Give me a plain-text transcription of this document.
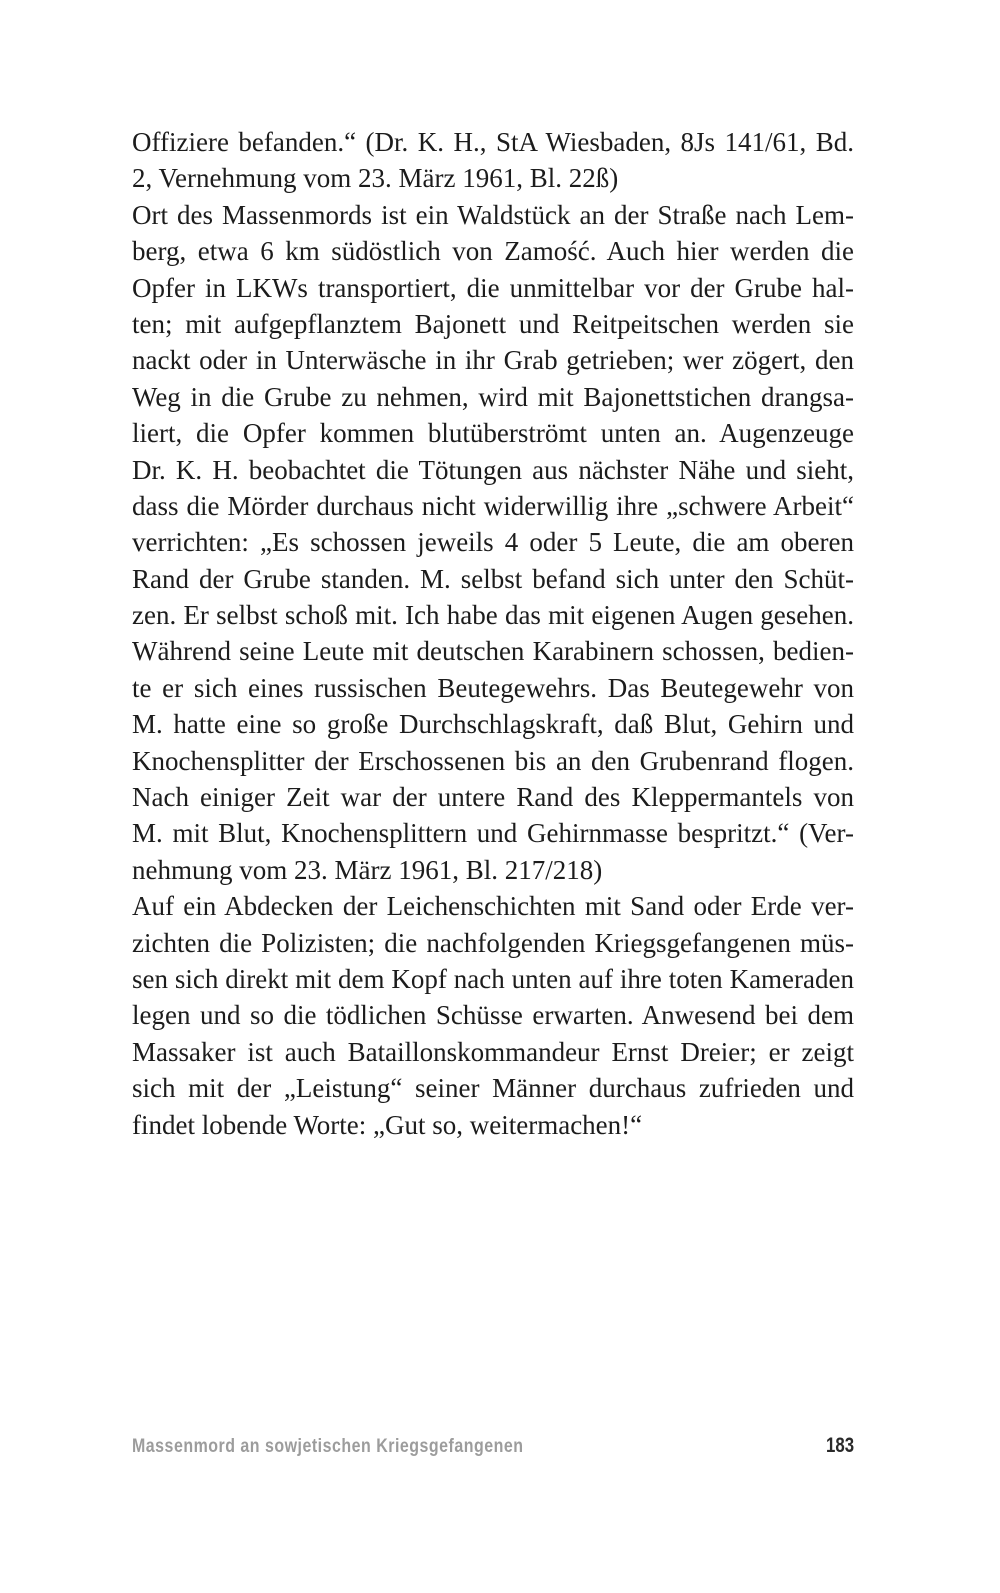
Offiziere befanden.“ (Dr. K. H., StA Wiesbaden, 8Js 141/61, Bd.
2, Vernehmung vom 23. März 1961, Bl. 22ß)
Ort des Massenmords ist ein Waldstück an der Straße nach Lem-
berg, etwa 6 km südöstlich von Zamość. Auch hier werden die
Opfer in LKWs transportiert, die unmittelbar vor der Grube hal-
ten; mit aufgepflanztem Bajonett und Reitpeitschen werden sie
nackt oder in Unterwäsche in ihr Grab getrieben; wer zögert, den
Weg in die Grube zu nehmen, wird mit Bajonettstichen drangsa-
liert, die Opfer kommen blutüberströmt unten an. Augenzeuge
Dr. K. H. beobachtet die Tötungen aus nächster Nähe und sieht,
dass die Mörder durchaus nicht widerwillig ihre „schwere Arbeit“
verrichten: „Es schossen jeweils 4 oder 5 Leute, die am oberen
Rand der Grube standen. M. selbst befand sich unter den Schüt-
zen. Er selbst schoß mit. Ich habe das mit eigenen Augen gesehen.
Während seine Leute mit deutschen Karabinern schossen, bedien-
te er sich eines russischen Beutegewehrs. Das Beutegewehr von
M. hatte eine so große Durchschlagskraft, daß Blut, Gehirn und
Knochensplitter der Erschossenen bis an den Grubenrand flogen.
Nach einiger Zeit war der untere Rand des Kleppermantels von
M. mit Blut, Knochensplittern und Gehirnmasse bespritzt.“ (Ver-
nehmung vom 23. März 1961, Bl. 217/218)
Auf ein Abdecken der Leichenschichten mit Sand oder Erde ver-
zichten die Polizisten; die nachfolgenden Kriegsgefangenen müs-
sen sich direkt mit dem Kopf nach unten auf ihre toten Kameraden
legen und so die tödlichen Schüsse erwarten. Anwesend bei dem
Massaker ist auch Bataillonskommandeur Ernst Dreier; er zeigt
sich mit der „Leistung“ seiner Männer durchaus zufrieden und
findet lobende Worte: „Gut so, weitermachen!“
Massenmord an sowjetischen Kriegsgefangenen	183
